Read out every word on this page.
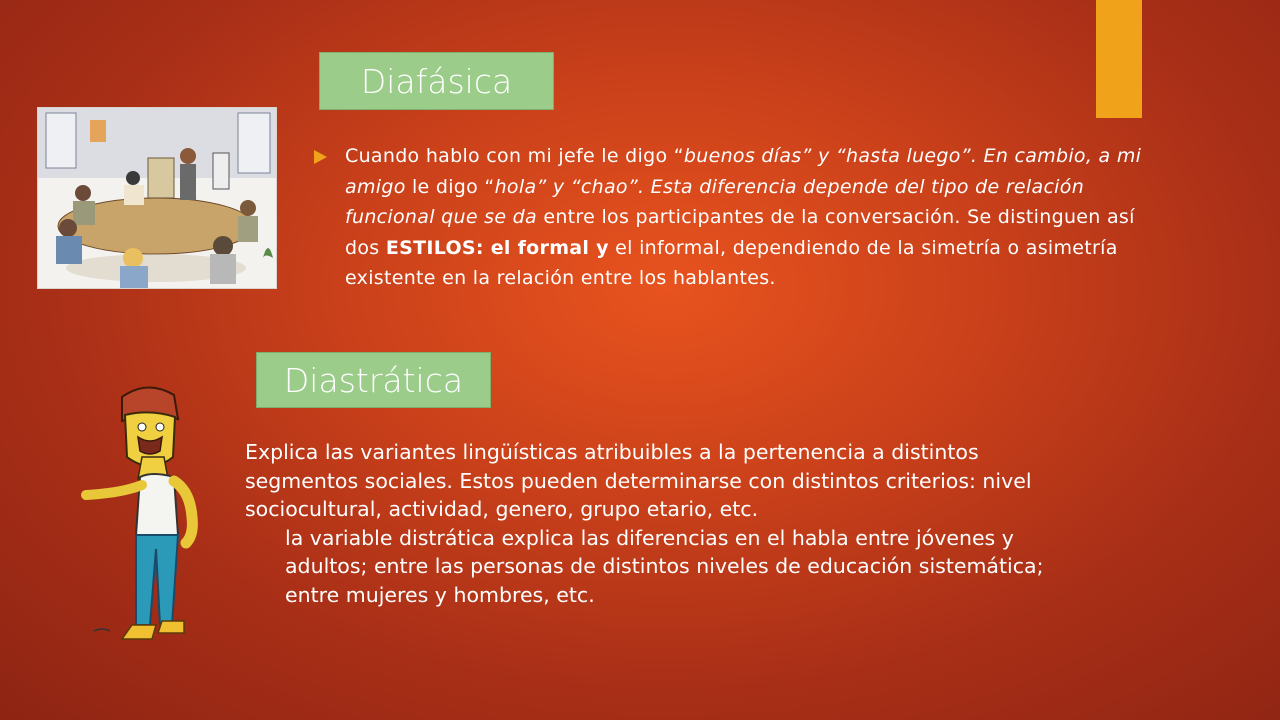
Diafásica
Cuando hablo con mi jefe le digo “buenos días” y “hasta luego”. En cambio, a mi amigo le digo “hola” y “chao”. Esta diferencia depende del tipo de relación funcional que se da entre los participantes de la conversación. Se distinguen así dos ESTILOS: el formal y el informal, dependiendo de la simetría o asimetría existente en la relación entre los hablantes.
Diastrática

Explica las variantes lingüísticas atribuibles a la pertenencia a distintos segmentos sociales. Estos pueden determinarse con distintos criterios: nivel sociocultural, actividad, genero, grupo etario, etc.

la variable distrática explica las diferencias en el habla entre jóvenes y adultos; entre las personas de distintos niveles de educación sistemática; entre mujeres y hombres, etc.
